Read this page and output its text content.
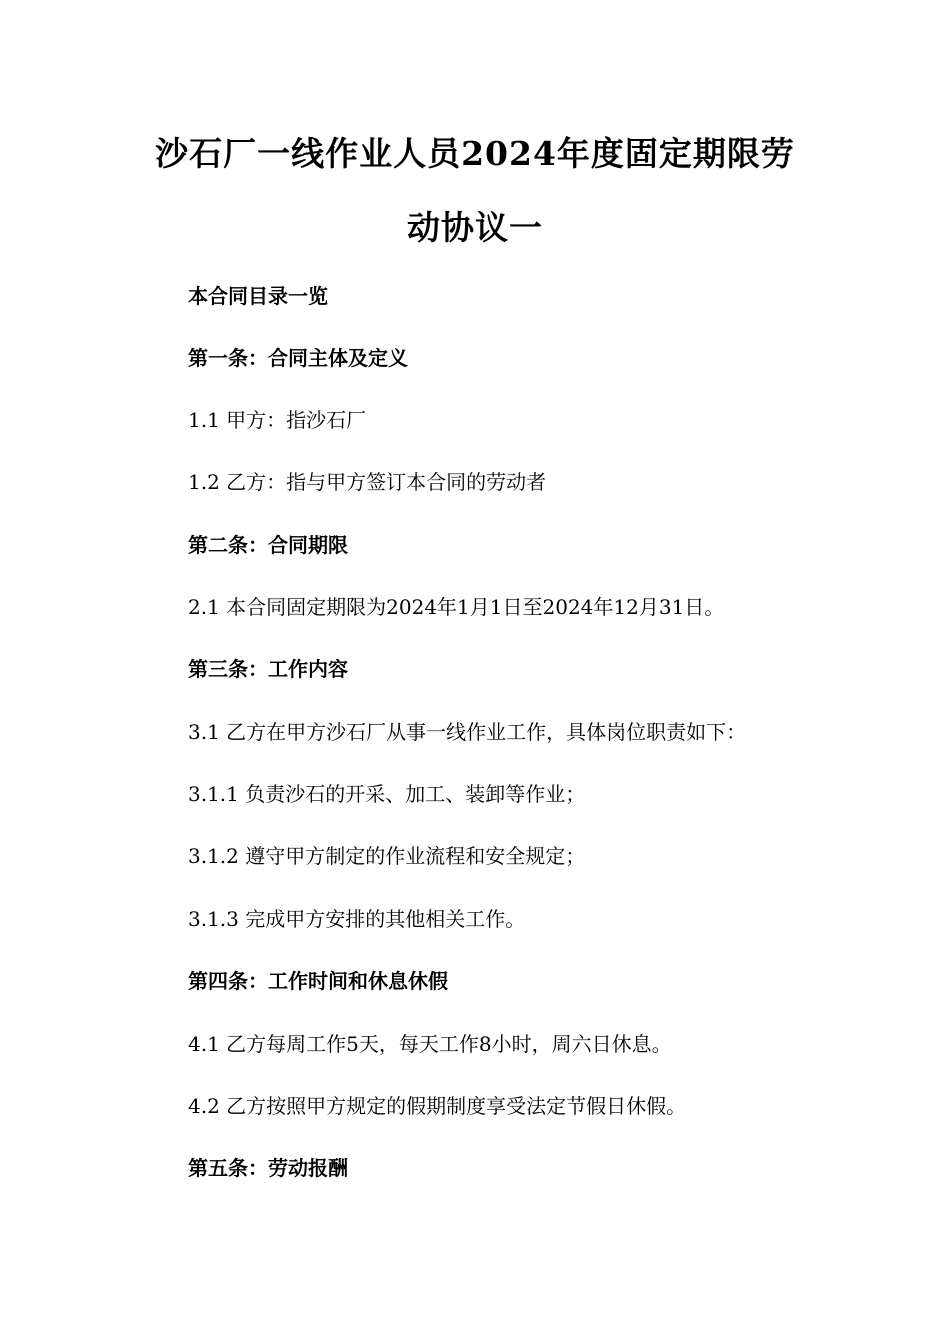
沙石厂一线作业人员2024年度固定期限劳
动协议一

本合同目录一览

第一条：合同主体及定义

1.1 甲方：指沙石厂

1.2 乙方：指与甲方签订本合同的劳动者

第二条：合同期限

2.1 本合同固定期限为2024年1月1日至2024年12月31日。

第三条：工作内容

3.1 乙方在甲方沙石厂从事一线作业工作，具体岗位职责如下：

3.1.1 负责沙石的开采、加工、装卸等作业；

3.1.2 遵守甲方制定的作业流程和安全规定；

3.1.3 完成甲方安排的其他相关工作。

第四条：工作时间和休息休假

4.1 乙方每周工作5天，每天工作8小时，周六日休息。

4.2 乙方按照甲方规定的假期制度享受法定节假日休假。

第五条：劳动报酬
